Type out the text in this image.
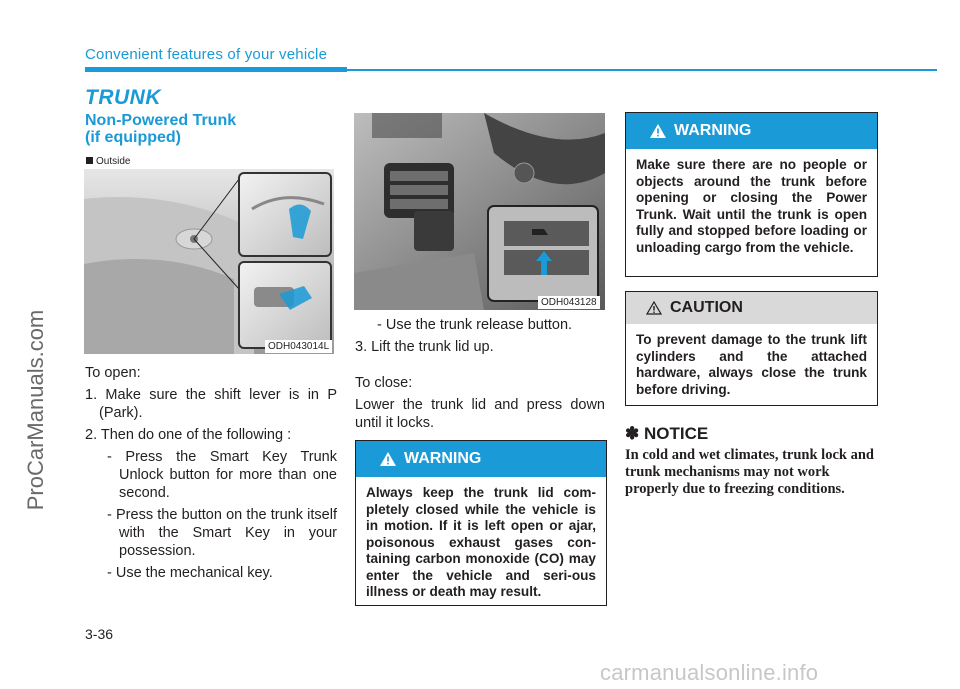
Convenient features of your vehicle
ProCarManuals.com
TRUNK
Non-Powered Trunk
(if equipped)
Outside
ODH043014L
ODH043128

To open:

1. Make sure the shift lever is in P (Park).

2. Then do one of the following :

- Press the Smart Key Trunk Unlock button for more than one second.

- Press the button on the trunk itself with the Smart Key in your possession.

- Use the mechanical key.

- Use the trunk release button.

3. Lift the trunk lid up.

To close:

Lower the trunk lid and press down until it locks.

WARNING
Always keep the trunk lid com-pletely closed while the vehicle is in motion. If it is left open or ajar, poisonous exhaust gases con-taining carbon monoxide (CO) may enter the vehicle and seri-ous illness or death may result.
WARNING
Make sure there are no people or objects around the trunk before opening or closing the Power Trunk. Wait until the trunk is open fully and stopped before loading or unloading cargo from the vehicle.
CAUTION
To prevent damage to the trunk lift cylinders and the attached hardware, always close the trunk before driving.
✽ NOTICE
In cold and wet climates, trunk lock and trunk mechanisms may not work properly due to freezing conditions.
3-36
carmanualsonline.info
